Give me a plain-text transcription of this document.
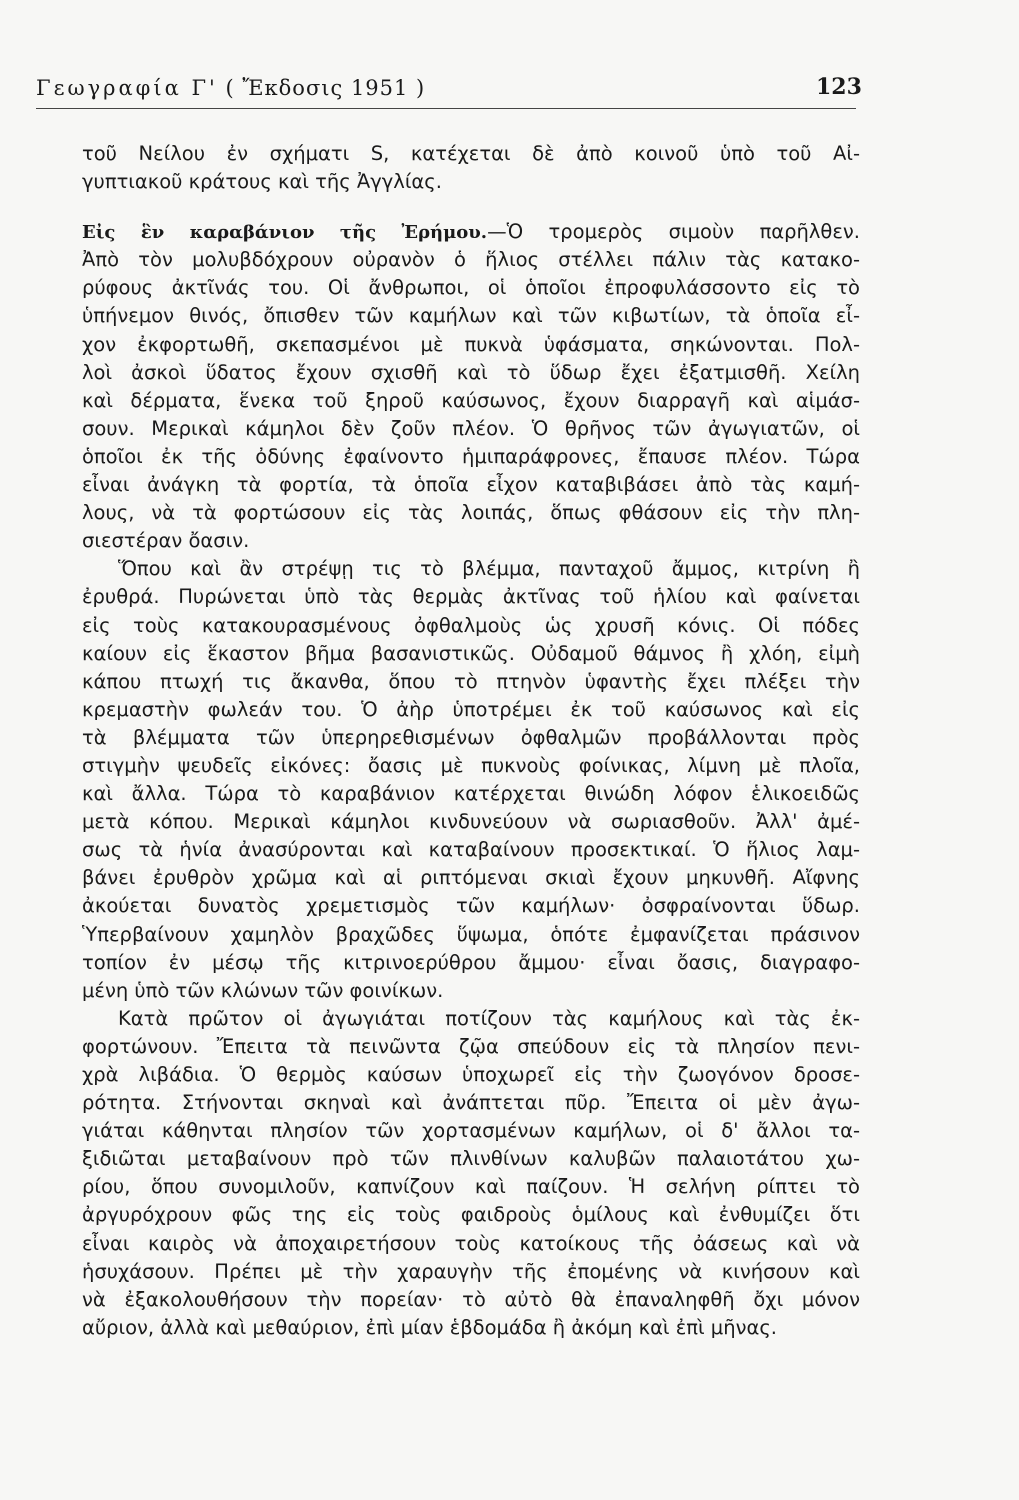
Γεωγραφία Γ' ( Ἔκδοσις 1951 )	123
τοῦ Νείλου ἐν σχήματι S, κατέχεται δὲ ἀπὸ κοινοῦ ὑπὸ τοῦ Αἰ-
γυπτιακοῦ κράτους καὶ τῆς Ἀγγλίας.
Εἰς ἓν καραβάνιον τῆς Ἐρήμου.—Ὁ τρομερὸς σιμοὺν παρῆλθεν.
Ἀπὸ τὸν μολυβδόχρουν οὐρανὸν ὁ ἥλιος στέλλει πάλιν τὰς κατακο-
ρύφους ἀκτῖνάς του. Οἱ ἄνθρωποι, οἱ ὁποῖοι ἐπροφυλάσσοντο εἰς τὸ
ὑπήνεμον θινός, ὄπισθεν τῶν καμήλων καὶ τῶν κιβωτίων, τὰ ὁποῖα εἶ-
χον ἐκφορτωθῆ, σκεπασμένοι μὲ πυκνὰ ὑφάσματα, σηκώνονται. Πολ-
λοὶ ἀσκοὶ ὕδατος ἔχουν σχισθῆ καὶ τὸ ὕδωρ ἔχει ἐξατμισθῆ. Χείλη
καὶ δέρματα, ἕνεκα τοῦ ξηροῦ καύσωνος, ἔχουν διαρραγῆ καὶ αἱμάσ-
σουν. Μερικαὶ κάμηλοι δὲν ζοῦν πλέον. Ὁ θρῆνος τῶν ἀγωγιατῶν, οἱ
ὁποῖοι ἐκ τῆς ὀδύνης ἐφαίνοντο ἡμιπαράφρονες, ἔπαυσε πλέον. Τώρα
εἶναι ἀνάγκη τὰ φορτία, τὰ ὁποῖα εἶχον καταβιβάσει ἀπὸ τὰς καμή-
λους, νὰ τὰ φορτώσουν εἰς τὰς λοιπάς, ὅπως φθάσουν εἰς τὴν πλη-
σιεστέραν ὄασιν.
Ὅπου καὶ ἂν στρέψῃ τις τὸ βλέμμα, πανταχοῦ ἄμμος, κιτρίνη ἢ
ἐρυθρά. Πυρώνεται ὑπὸ τὰς θερμὰς ἀκτῖνας τοῦ ἡλίου καὶ φαίνεται
εἰς τοὺς κατακουρασμένους ὀφθαλμοὺς ὡς χρυσῆ κόνις. Οἱ πόδες
καίουν εἰς ἕκαστον βῆμα βασανιστικῶς. Οὐδαμοῦ θάμνος ἢ χλόη, εἰμὴ
κάπου πτωχή τις ἄκανθα, ὅπου τὸ πτηνὸν ὑφαντὴς ἔχει πλέξει τὴν
κρεμαστὴν φωλεάν του. Ὁ ἀὴρ ὑποτρέμει ἐκ τοῦ καύσωνος καὶ εἰς
τὰ βλέμματα τῶν ὑπερηρεθισμένων ὀφθαλμῶν προβάλλονται πρὸς
στιγμὴν ψευδεῖς εἰκόνες: ὄασις μὲ πυκνοὺς φοίνικας, λίμνη μὲ πλοῖα,
καὶ ἄλλα. Τώρα τὸ καραβάνιον κατέρχεται θινώδη λόφον ἑλικοειδῶς
μετὰ κόπου. Μερικαὶ κάμηλοι κινδυνεύουν νὰ σωριασθοῦν. Ἀλλ' ἀμέ-
σως τὰ ἡνία ἀνασύρονται καὶ καταβαίνουν προσεκτικαί. Ὁ ἥλιος λαμ-
βάνει ἐρυθρὸν χρῶμα καὶ αἱ ριπτόμεναι σκιαὶ ἔχουν μηκυνθῆ. Αἴφνης
ἀκούεται δυνατὸς χρεμετισμὸς τῶν καμήλων· ὀσφραίνονται ὕδωρ.
Ὑπερβαίνουν χαμηλὸν βραχῶδες ὕψωμα, ὁπότε ἐμφανίζεται πράσινον
τοπίον ἐν μέσῳ τῆς κιτρινοερύθρου ἄμμου· εἶναι ὄασις, διαγραφο-
μένη ὑπὸ τῶν κλώνων τῶν φοινίκων.
Κατὰ πρῶτον οἱ ἀγωγιάται ποτίζουν τὰς καμήλους καὶ τὰς ἐκ-
φορτώνουν. Ἔπειτα τὰ πεινῶντα ζῷα σπεύδουν εἰς τὰ πλησίον πενι-
χρὰ λιβάδια. Ὁ θερμὸς καύσων ὑποχωρεῖ εἰς τὴν ζωογόνον δροσε-
ρότητα. Στήνονται σκηναὶ καὶ ἀνάπτεται πῦρ. Ἔπειτα οἱ μὲν ἀγω-
γιάται κάθηνται πλησίον τῶν χορτασμένων καμήλων, οἱ δ' ἄλλοι τα-
ξιδιῶται μεταβαίνουν πρὸ τῶν πλινθίνων καλυβῶν παλαιοτάτου χω-
ρίου, ὅπου συνομιλοῦν, καπνίζουν καὶ παίζουν. Ἡ σελήνη ρίπτει τὸ
ἀργυρόχρουν φῶς της εἰς τοὺς φαιδροὺς ὁμίλους καὶ ἐνθυμίζει ὅτι
εἶναι καιρὸς νὰ ἀποχαιρετήσουν τοὺς κατοίκους τῆς ὀάσεως καὶ νὰ
ἡσυχάσουν. Πρέπει μὲ τὴν χαραυγὴν τῆς ἐπομένης νὰ κινήσουν καὶ
νὰ ἐξακολουθήσουν τὴν πορείαν· τὸ αὐτὸ θὰ ἐπαναληφθῆ ὄχι μόνον
αὔριον, ἀλλὰ καὶ μεθαύριον, ἐπὶ μίαν ἑβδομάδα ἢ ἀκόμη καὶ ἐπὶ μῆνας.
